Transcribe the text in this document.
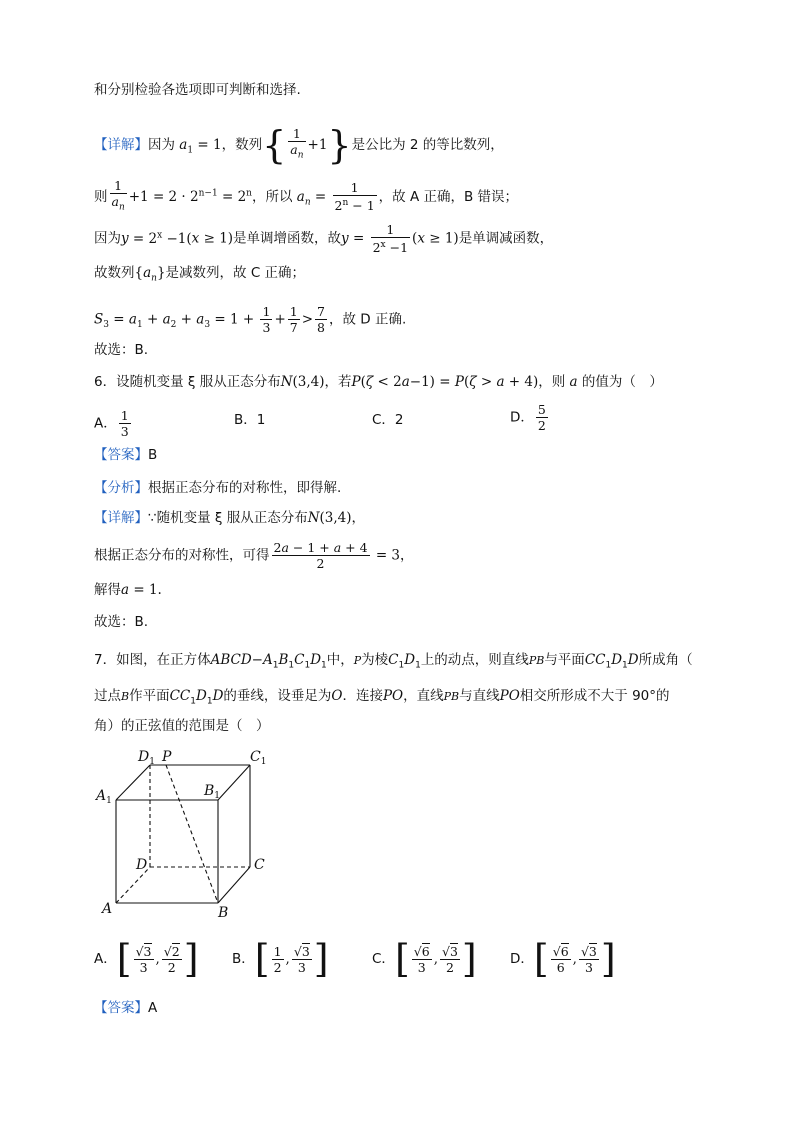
和分别检验各选项即可判断和选择.
【详解】因为 $a_1 = 1$，数列{ $\frac{1}{a_n} +1$}是公比为 2 的等比数列，
则 $\frac{1}{a_n} +1 = 2 \cdot 2^{n-1} = 2^n$，所以 $a_n = \frac{1}{2^n - 1}$ ，故 A 正确，B 错误；
因为$y = 2^x -1(x \ge 1)$是单调增函数，故$y = \frac{1}{2^x -1} (x \ge 1)$是单调减函数，
故数列$\{a_n\}$是减数列，故 C 正确；
$S_3 = a_1 + a_2 + a_3 = 1 + \frac{1}{3} + \frac{1}{7} > \frac{7}{8}$ ，故 D 正确.
故选：B.
6．设随机变量 ξ 服从正态分布N(3,4)，若P(ζ < 2a−1) = P(ζ > a + 4)，则 a 的值为（　）
A． $\frac{1}{3}$	B．1	C．2	D． $\frac{5}{2}$
【答案】B
【分析】根据正态分布的对称性，即得解.
【详解】∵随机变量 ξ 服从正态分布N(3,4)，
根据正态分布的对称性，可得 $\frac{2a - 1 + a + 4}{2} = 3$，
解得a = 1.
故选：B.
7．如图，在正方体$ABCD-A_1B_1C_1D_1$中，P为棱$C_1D_1$上的动点，则直线PB与平面$CC_1D_1D$所成角（
过点B作平面$CC_1D_1D$的垂线，设垂足为O．连接PO，直线PB与直线PO相交所形成不大于 90°的
角）的正弦值的范围是（　）
$D_1$ P	$C_1$
$A_1$
$B_1$
D	C
A	B
A．[ $\frac{√3}{3}$ , $\frac{√2}{2}$ ] B．[ $\frac{1}{2}$ , $\frac{√3}{3}$ ]	C．[ $\frac{√6}{3}$ , $\frac{√3}{2}$ ] D．[ $\frac{√6}{6}$ , $\frac{√3}{3}$ ]
【答案】A
